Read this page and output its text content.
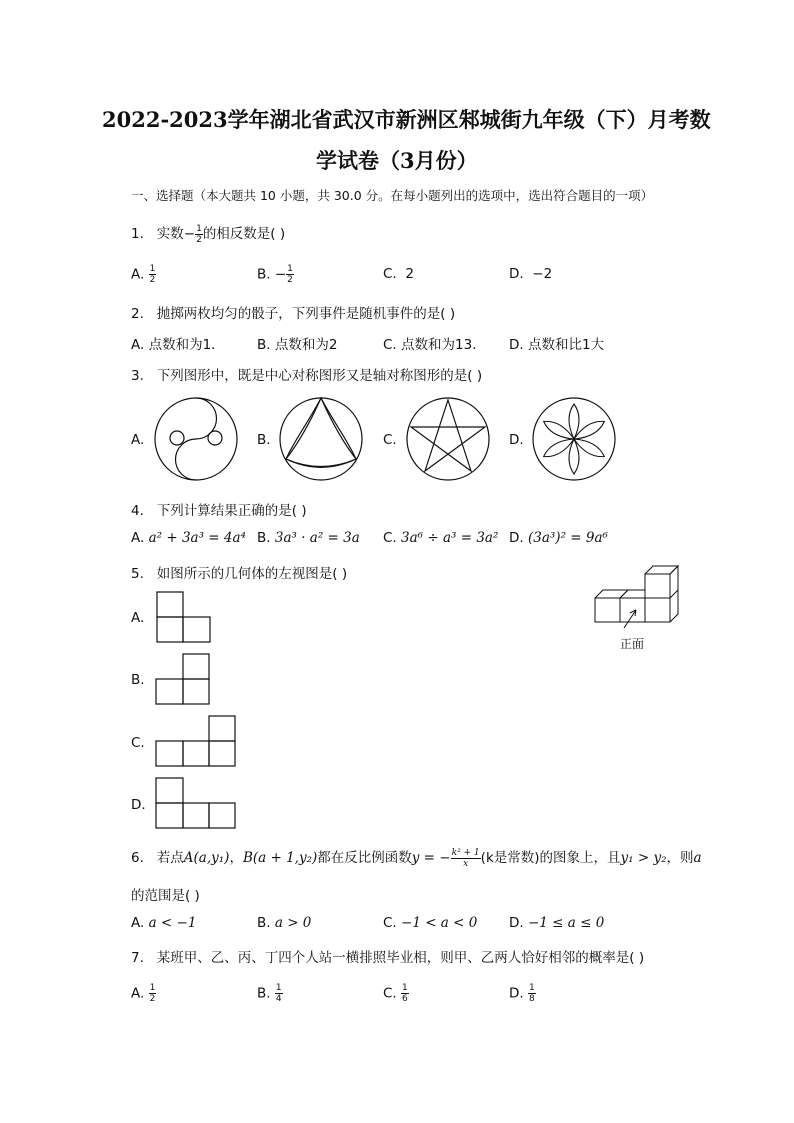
2022-2023学年湖北省武汉市新洲区邾城街九年级（下）月考数
学试卷（3月份）
一、选择题（本大题共 10 小题，共 30.0 分。在每小题列出的选项中，选出符合题目的一项）
1. 实数− $\frac{1}{2}$ 的相反数是( )
A. $\frac{1}{2}$	B. − $\frac{1}{2}$	C. 2	D. −2
2. 抛掷两枚均匀的骰子，下列事件是随机事件的是( )
A. 点数和为1． B. 点数和为2	C. 点数和为13． D. 点数和比1大
3. 下列图形中，既是中心对称图形又是轴对称图形的是( )
A.	B.	C.	D.
4. 下列计算结果正确的是( )
A. a² + 3a³ = 4a⁴ B. 3a³ · a² = 3a C. 3a⁶ ÷ a³ = 3a² D. (3a³)² = 9a⁶
5. 如图所示的几何体的左视图是( )
正面
A.
B.
C.
D.
6. 若点A(a,y₁)，B(a + 1,y₂)都在反比例函数y = − $\frac{\text{k² + 1}}{x} (k$是常数)的图象上，且y₁ > y₂，则a
的范围是( )
A. a < −1	B. a > 0	C. −1 < a < 0 D. −1 ≤ a ≤ 0
7. 某班甲、乙、丙、丁四个人站一横排照毕业相，则甲、乙两人恰好相邻的概率是( )
A. $\frac{1}{2}$	B. $\frac{1}{4}$	C. $\frac{1}{6}$	D. $\frac{1}{8}$
